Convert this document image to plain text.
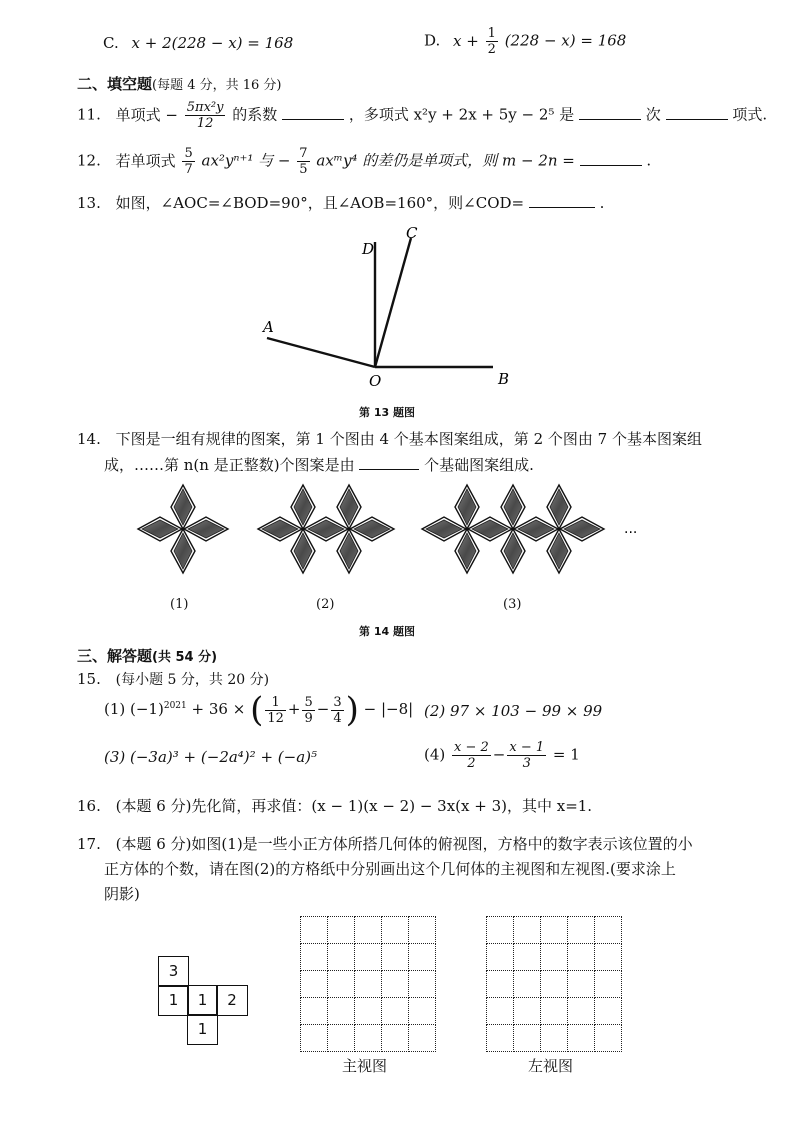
C. x + 2(228 − x) = 168	D. $x + \frac{1}{2} (228 - x) = 168$
二、填空题(每题 4 分，共 16 分)
11. 单项式 − $\frac{\text{5πx²y}}{12}$ 的系数	，多项式 x²y + 2x + 5y − 2⁵ 是	次	项式.
12. 若单项式 $\frac{5}{7} ax^2y^{n+1}$ 与 − $\frac{7}{5}$ axᵐy⁴ 的差仍是单项式，则 m − 2n =	.
13. 如图，∠AOC=∠BOD=90°，且∠AOB=160°，则∠COD=	.
D
C
A
O	B
第 13 题图
14. 下图是一组有规律的图案，第 1 个图由 4 个基本图案组成，第 2 个图由 7 个基本图案组
成，……第 n(n 是正整数)个图案是由	个基础图案组成.
...
(1)	(2)	(3)
第 14 题图
三、解答题(共 54 分)
15. (每小题 5 分，共 20 分)
(1) $(-1)^{2021} + 36$ × ( $\frac{1}{12} + \frac{5}{9} - \frac{3}{4}$ ) − |−8| (2) 97 × 103 − 99 × 99
(3) (−3a)³ + (−2a⁴)² + (−a)⁵	$(4) \frac{x - 2}{2} - \frac{x - 1}{3} = 1$
16. (本题 6 分)先化简，再求值：(x − 1)(x − 2) − 3x(x + 3)，其中 x=1.
17. (本题 6 分)如图(1)是一些小正方体所搭几何体的俯视图，方格中的数字表示该位置的小
正方体的个数，请在图(2)的方格纸中分别画出这个几何体的主视图和左视图.(要求涂上
阴影)
3
1	1	2
1
主视图	左视图
